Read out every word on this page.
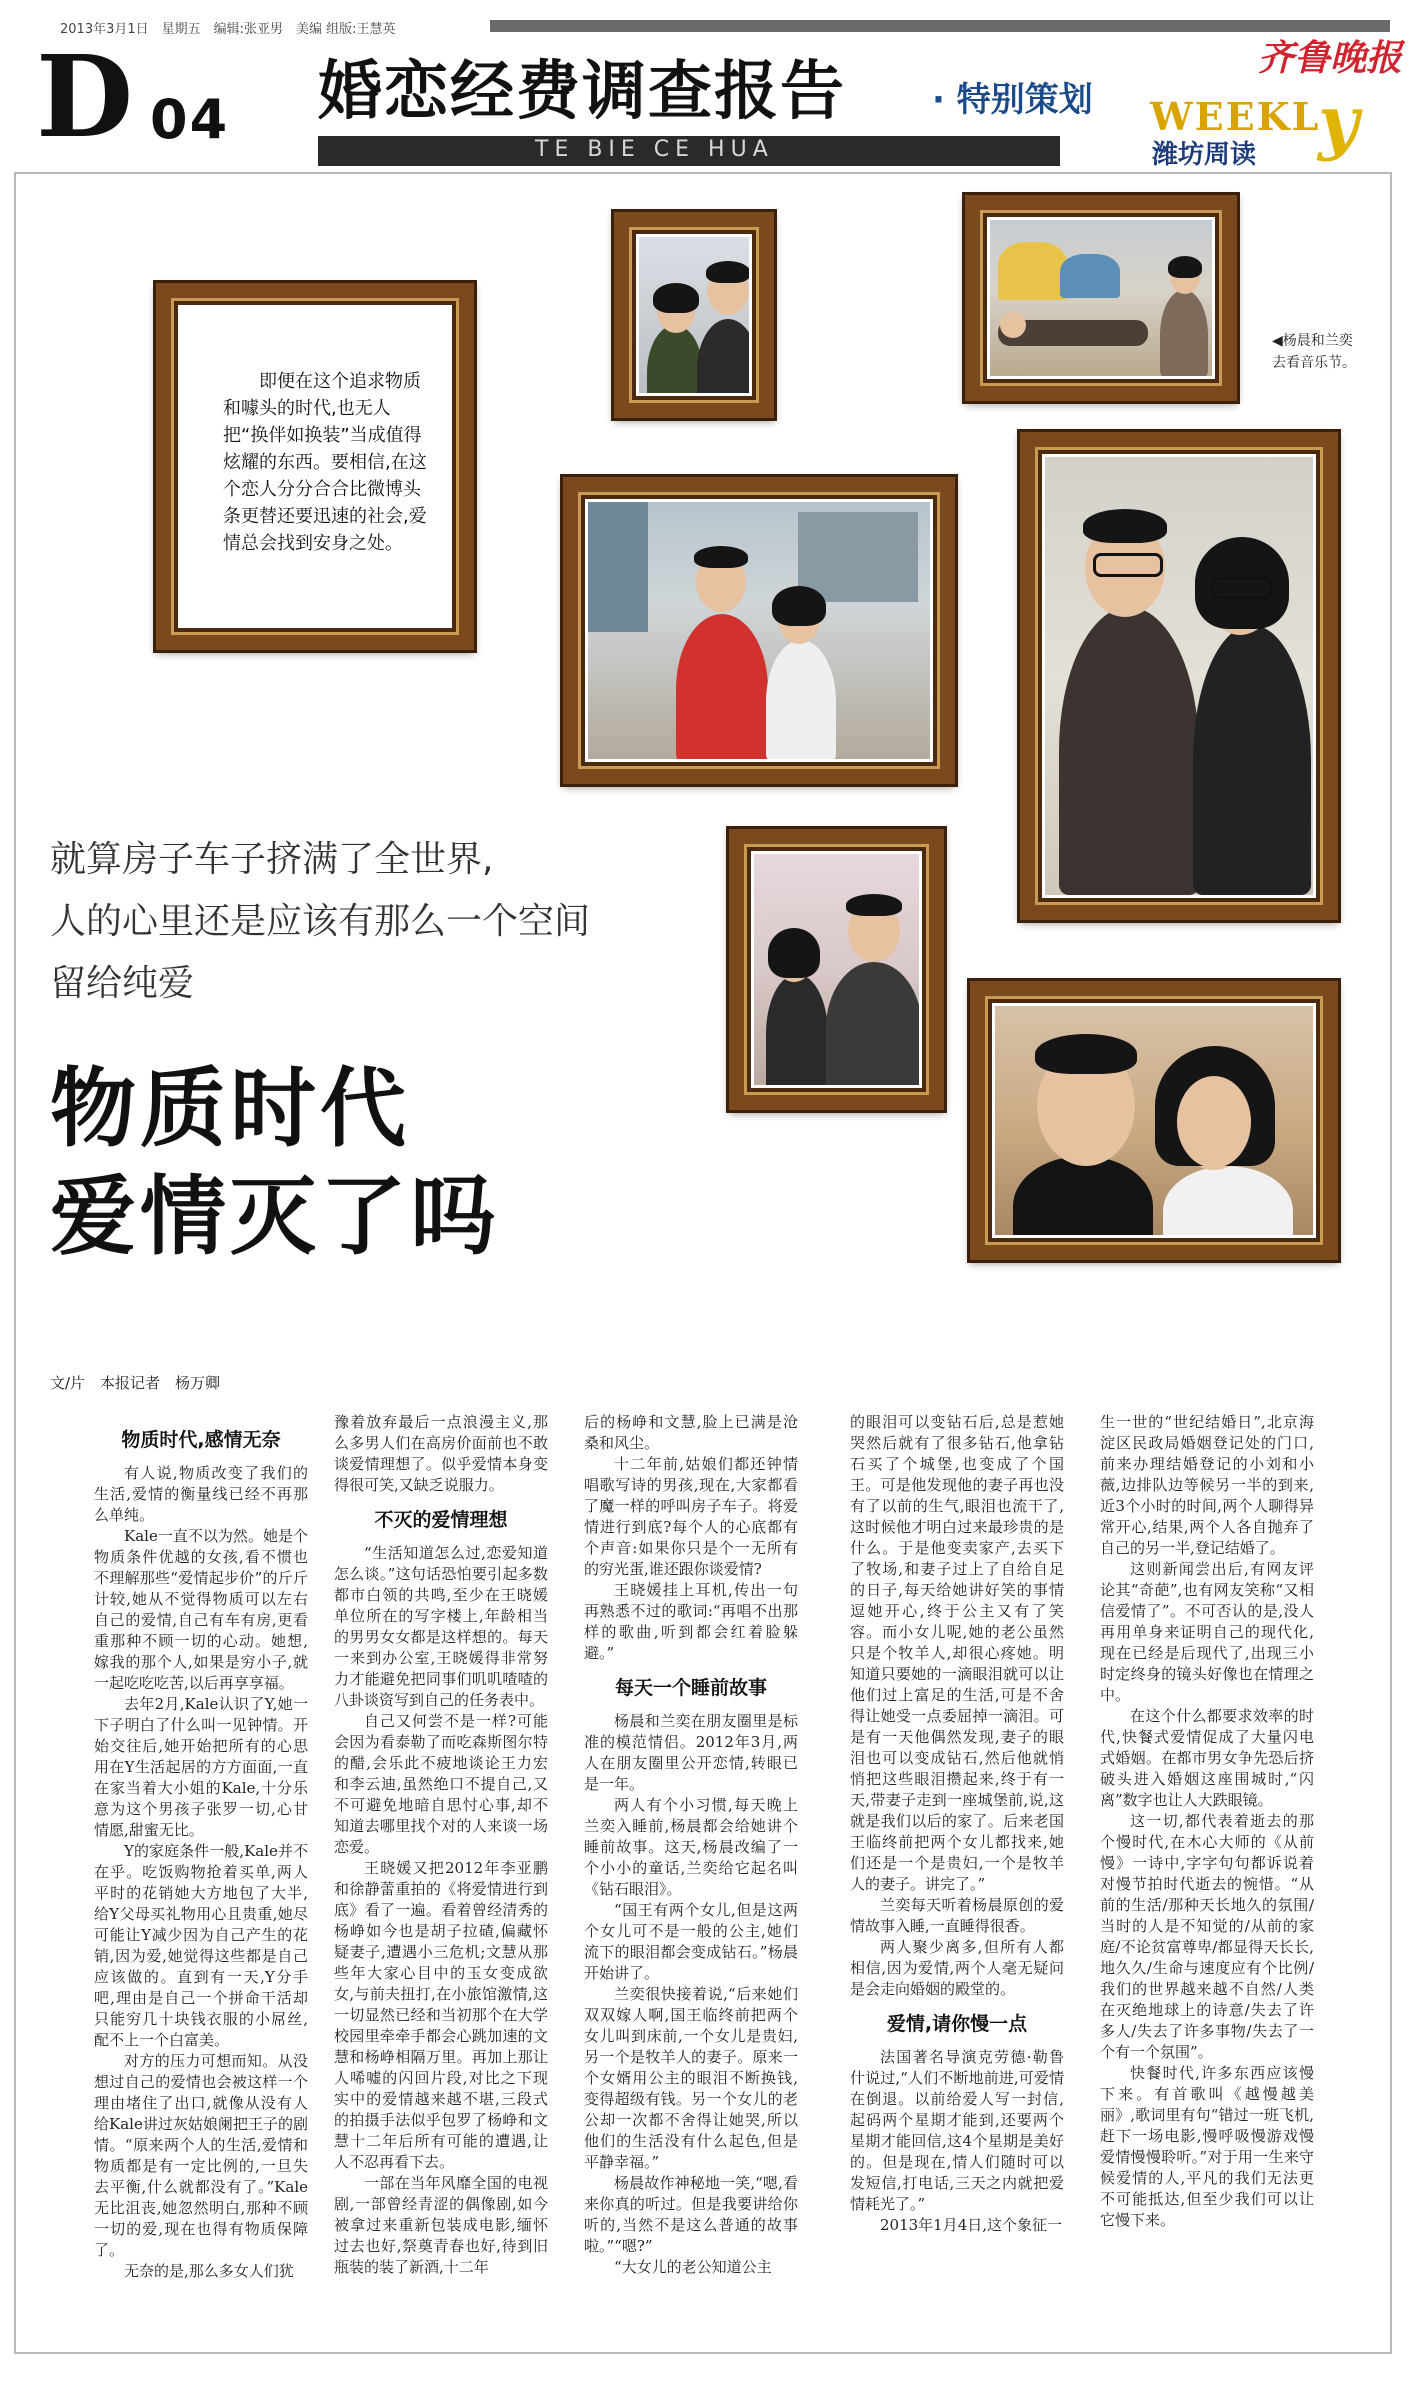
2013年3月1日　星期五　编辑:张亚男　美编 组版:王慧英
D 04 婚恋经费调查报告	· 特别策划
TE BIE CE HUA
齐鲁晚报
WEEKL
y
潍坊周读
即便在这个追求物质和噱头的时代,也无人把“换伴如换装”当成值得炫耀的东西。要相信,在这个恋人分分合合比微博头条更替还要迅速的社会,爱情总会找到安身之处。
◀杨晨和兰奕去看音乐节。
就算房子车子挤满了全世界,
人的心里还是应该有那么一个空间
留给纯爱
物质时代
爱情灭了吗
文/片　本报记者　杨万卿
物质时代,感情无奈

有人说,物质改变了我们的生活,爱情的衡量线已经不再那么单纯。

Kale一直不以为然。她是个物质条件优越的女孩,看不惯也不理解那些“爱情起步价”的斤斤计较,她从不觉得物质可以左右自己的爱情,自己有车有房,更看重那种不顾一切的心动。她想,嫁我的那个人,如果是穷小子,就一起吃吃吃苦,以后再享享福。

去年2月,Kale认识了Y,她一下子明白了什么叫一见钟情。开始交往后,她开始把所有的心思用在Y生活起居的方方面面,一直在家当着大小姐的Kale,十分乐意为这个男孩子张罗一切,心甘情愿,甜蜜无比。

Y的家庭条件一般,Kale并不在乎。吃饭购物抢着买单,两人平时的花销她大方地包了大半,给Y父母买礼物用心且贵重,她尽可能让Y减少因为自己产生的花销,因为爱,她觉得这些都是自己应该做的。直到有一天,Y分手吧,理由是自己一个拼命干活却只能穷几十块钱衣服的小屌丝,配不上一个白富美。

对方的压力可想而知。从没想过自己的爱情也会被这样一个理由堵住了出口,就像从没有人给Kale讲过灰姑娘阑把王子的剧情。“原来两个人的生活,爱情和物质都是有一定比例的,一旦失去平衡,什么就都没有了。”Kale无比沮丧,她忽然明白,那种不顾一切的爱,现在也得有物质保障了。

无奈的是,那么多女人们犹

豫着放弃最后一点浪漫主义,那么多男人们在高房价面前也不敢谈爱情理想了。似乎爱情本身变得很可笑,又缺乏说服力。

不灭的爱情理想

“生活知道怎么过,恋爱知道怎么谈。”这句话恐怕要引起多数都市白领的共鸣,至少在王晓媛单位所在的写字楼上,年龄相当的男男女女都是这样想的。每天一来到办公室,王晓媛得非常努力才能避免把同事们叽叽喳喳的八卦谈资写到自己的任务表中。

自己又何尝不是一样?可能会因为看泰勒了而吃森斯图尔特的醋,会乐此不疲地谈论王力宏和李云迪,虽然绝口不提自己,又不可避免地暗自思忖心事,却不知道去哪里找个对的人来谈一场恋爱。

王晓媛又把2012年李亚鹏和徐静蕾重拍的《将爱情进行到底》看了一遍。看着曾经清秀的杨峥如今也是胡子拉碴,偏藏怀疑妻子,遭遇小三危机;文慧从那些年大家心目中的玉女变成欲女,与前夫扭打,在小旅馆激情,这一切显然已经和当初那个在大学校园里牵牵手都会心跳加速的文慧和杨峥相隔万里。再加上那让人唏嘘的闪回片段,对比之下现实中的爱情越来越不堪,三段式的拍摄手法似乎包罗了杨峥和文慧十二年后所有可能的遭遇,让人不忍再看下去。

一部在当年风靡全国的电视剧,一部曾经青涩的偶像剧,如今被拿过来重新包装成电影,缅怀过去也好,祭奠青春也好,待到旧瓶装的装了新酒,十二年

后的杨峥和文慧,脸上已满是沧桑和风尘。

十二年前,姑娘们都还钟情唱歌写诗的男孩,现在,大家都看了魔一样的呼叫房子车子。将爱情进行到底?每个人的心底都有个声音:如果你只是个一无所有的穷光蛋,谁还跟你谈爱情?

王晓媛挂上耳机,传出一句再熟悉不过的歌词:“再唱不出那样的歌曲,听到都会红着脸躲避。”

每天一个睡前故事

杨晨和兰奕在朋友圈里是标准的模范情侣。2012年3月,两人在朋友圈里公开恋情,转眼已是一年。

两人有个小习惯,每天晚上兰奕入睡前,杨晨都会给她讲个睡前故事。这天,杨晨改编了一个小小的童话,兰奕给它起名叫《钻石眼泪》。

“国王有两个女儿,但是这两个女儿可不是一般的公主,她们流下的眼泪都会变成钻石。”杨晨开始讲了。

兰奕很快接着说,“后来她们双双嫁人啊,国王临终前把两个女儿叫到床前,一个女儿是贵妇,另一个是牧羊人的妻子。原来一个女婿用公主的眼泪不断换钱,变得超级有钱。另一个女儿的老公却一次都不舍得让她哭,所以他们的生活没有什么起色,但是平静幸福。”

杨晨故作神秘地一笑,“嗯,看来你真的听过。但是我要讲给你听的,当然不是这么普通的故事啦。”“嗯?”

“大女儿的老公知道公主

的眼泪可以变钻石后,总是惹她哭然后就有了很多钻石,他拿钻石买了个城堡,也变成了个国王。可是他发现他的妻子再也没有了以前的生气,眼泪也流干了,这时候他才明白过来最珍贵的是什么。于是他变卖家产,去买下了牧场,和妻子过上了自给自足的日子,每天给她讲好笑的事情逗她开心,终于公主又有了笑容。而小女儿呢,她的老公虽然只是个牧羊人,却很心疼她。明知道只要她的一滴眼泪就可以让他们过上富足的生活,可是不舍得让她受一点委屈掉一滴泪。可是有一天他偶然发现,妻子的眼泪也可以变成钻石,然后他就悄悄把这些眼泪攒起来,终于有一天,带妻子走到一座城堡前,说,这就是我们以后的家了。后来老国王临终前把两个女儿都找来,她们还是一个是贵妇,一个是牧羊人的妻子。讲完了。”

兰奕每天听着杨晨原创的爱情故事入睡,一直睡得很香。

两人聚少离多,但所有人都相信,因为爱情,两个人毫无疑问是会走向婚姻的殿堂的。

爱情,请你慢一点

法国著名导演克劳德·勒鲁什说过,“人们不断地前进,可爱情在倒退。以前给爱人写一封信,起码两个星期才能到,还要两个星期才能回信,这4个星期是美好的。但是现在,情人们随时可以发短信,打电话,三天之内就把爱情耗光了。”

2013年1月4日,这个象征一

生一世的“世纪结婚日”,北京海淀区民政局婚姻登记处的门口,前来办理结婚登记的小刘和小薇,边排队边等候另一半的到来,近3个小时的时间,两个人聊得异常开心,结果,两个人各自抛弃了自己的另一半,登记结婚了。

这则新闻尝出后,有网友评论其“奇葩”,也有网友笑称“又相信爱情了”。不可否认的是,没人再用单身来证明自己的现代化,现在已经是后现代了,出现三小时定终身的镜头好像也在情理之中。

在这个什么都要求效率的时代,快餐式爱情促成了大量闪电式婚姻。在都市男女争先恐后挤破头进入婚姻这座围城时,“闪离”数字也让人大跌眼镜。

这一切,都代表着逝去的那个慢时代,在木心大师的《从前慢》一诗中,字字句句都诉说着对慢节拍时代逝去的惋惜。“从前的生活/那种天长地久的氛围/当时的人是不知觉的/从前的家庭/不论贫富尊卑/都显得天长长,地久久/生命与速度应有个比例/我们的世界越来越不自然/人类在灭绝地球上的诗意/失去了许多人/失去了许多事物/失去了一个有一个氛围”。

快餐时代,许多东西应该慢下来。有首歌叫《越慢越美丽》,歌词里有句“错过一班飞机,赶下一场电影,慢呼吸慢游戏慢爱情慢慢聆听。”对于用一生来守候爱情的人,平凡的我们无法更不可能抵达,但至少我们可以让它慢下来。
